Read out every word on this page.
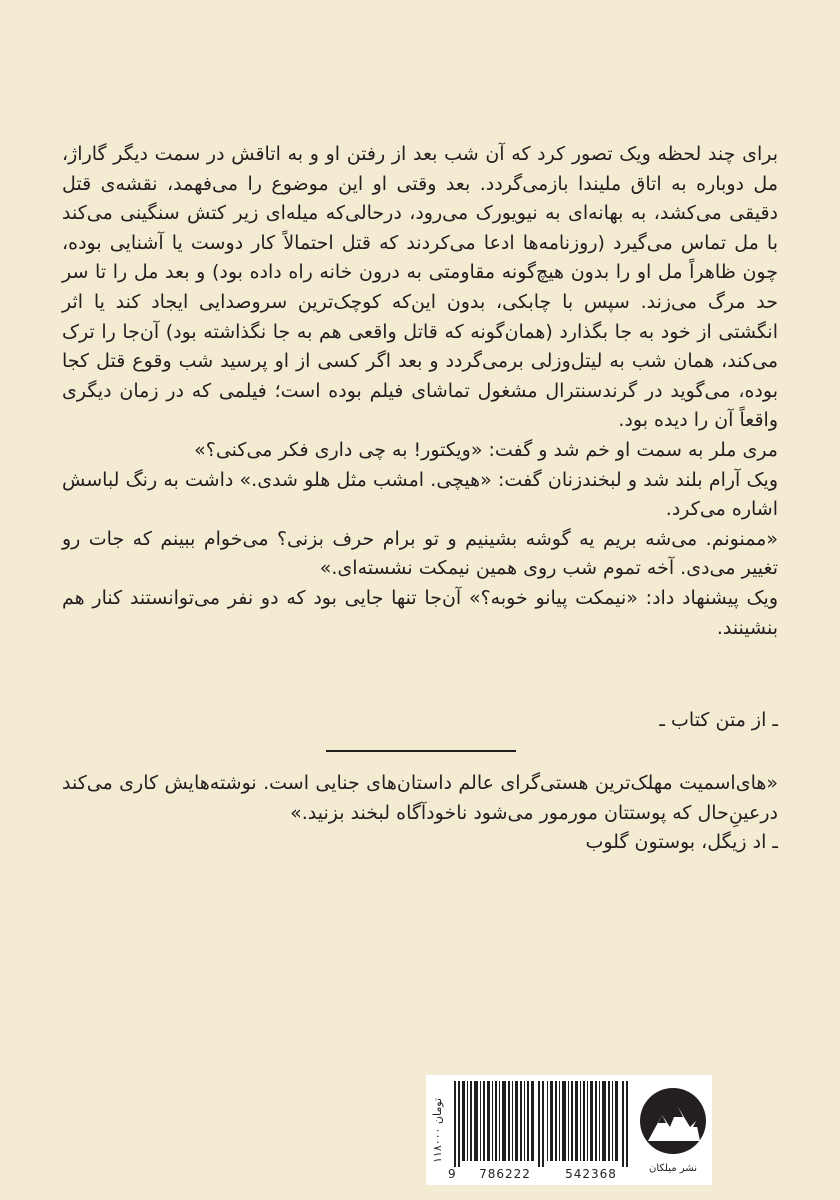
برای چند لحظه ویک تصور کرد که آن شب بعد از رفتن او و به اتاقش در سمت دیگر گاراژ، مل دوباره به اتاق ملیندا بازمی‌گردد. بعد وقتی او این موضوع را می‌فهمد، نقشه‌ی قتل دقیقی می‌کشد، به بهانه‌ای به نیویورک می‌رود، درحالی‌که میله‌ای زیر کتش سنگینی می‌کند با مل تماس می‌گیرد (روزنامه‌ها ادعا می‌کردند که قتل احتمالاً کار دوست یا آشنایی بوده، چون ظاهراً مل او را بدون هیچ‌گونه مقاومتی به درون خانه راه داده بود) و بعد مل را تا سر حد مرگ می‌زند. سپس با چابکی، بدون این‌که کوچک‌ترین سروصدایی ایجاد کند یا اثر انگشتی از خود به جا بگذارد (همان‌گونه که قاتل واقعی هم به جا نگذاشته بود) آن‌جا را ترک می‌کند، همان شب به لیتل‌وزلی برمی‌گردد و بعد اگر کسی از او پرسید شب وقوع قتل کجا بوده، می‌گوید در گرندسنترال مشغول تماشای فیلم بوده است؛ فیلمی که در زمان دیگری واقعاً آن را دیده بود.

مری ملر به سمت او خم شد و گفت: «ویکتور! به چی داری فکر می‌کنی؟»

ویک آرام بلند شد و لبخندزنان گفت: «هیچی. امشب مثل هلو شدی.» داشت به رنگ لباسش اشاره می‌کرد.

«ممنونم. می‌شه بریم یه گوشه بشینیم و تو برام حرف بزنی؟ می‌خوام ببینم که جات رو تغییر می‌دی. آخه تموم شب روی همین نیمکت نشسته‌ای.»

ویک پیشنهاد داد: «نیمکت پیانو خوبه؟» آن‌جا تنها جایی بود که دو نفر می‌توانستند کنار هم بنشینند.

ـ از متن کتاب ـ

«های‌اسمیت مهلک‌ترین هستی‌گرای عالم داستان‌های جنایی است. نوشته‌هایش کاری می‌کند درعینِ‌حال که پوستتان مورمور می‌شود ناخودآگاه لبخند بزنید.»

ـ اد زیگل، بوستون گلوب

۱۱۸۰۰۰ تومان
9	786222	542368	نشر میلکان
